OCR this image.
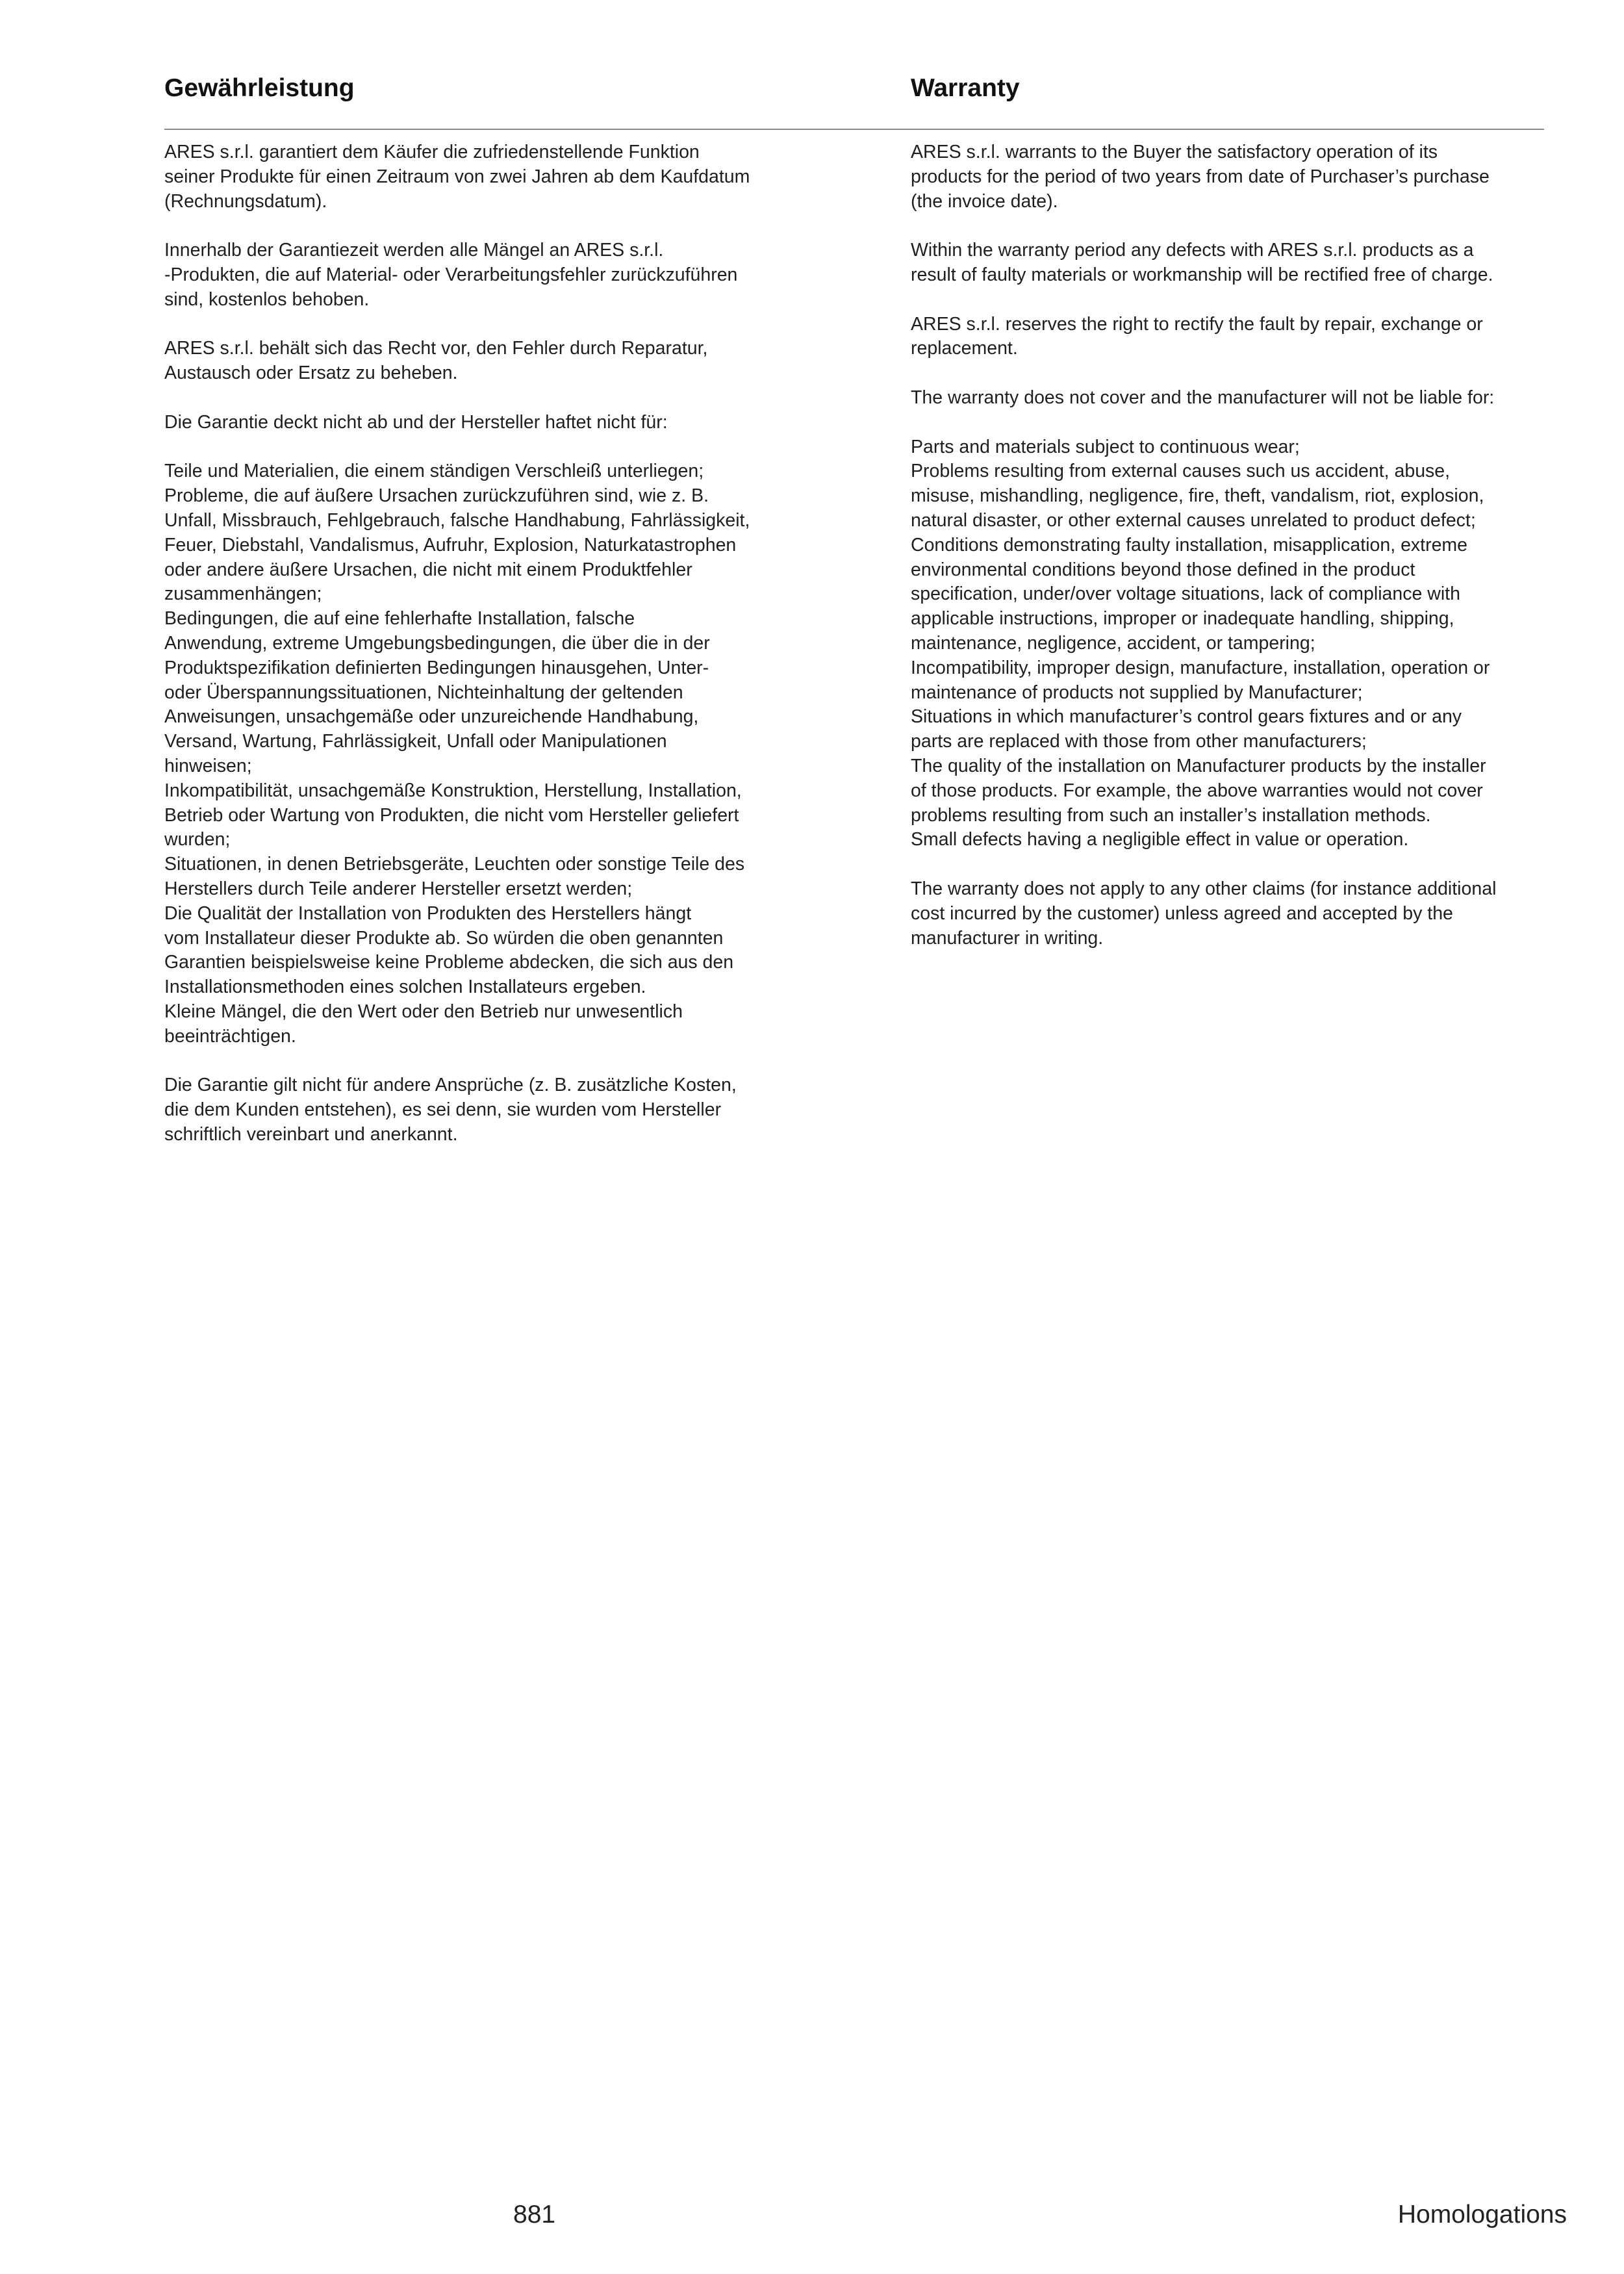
Gewährleistung	Warranty

ARES s.r.l. garantiert dem Käufer die zufriedenstellende Funktion
seiner Produkte für einen Zeitraum von zwei Jahren ab dem Kaufdatum
(Rechnungsdatum).

Innerhalb der Garantiezeit werden alle Mängel an ARES s.r.l.
-Produkten, die auf Material- oder Verarbeitungsfehler zurückzuführen
sind, kostenlos behoben.

ARES s.r.l. behält sich das Recht vor, den Fehler durch Reparatur,
Austausch oder Ersatz zu beheben.

Die Garantie deckt nicht ab und der Hersteller haftet nicht für:

Teile und Materialien, die einem ständigen Verschleiß unterliegen;
Probleme, die auf äußere Ursachen zurückzuführen sind, wie z. B.
Unfall, Missbrauch, Fehlgebrauch, falsche Handhabung, Fahrlässigkeit,
Feuer, Diebstahl, Vandalismus, Aufruhr, Explosion, Naturkatastrophen
oder andere äußere Ursachen, die nicht mit einem Produktfehler
zusammenhängen;
Bedingungen, die auf eine fehlerhafte Installation, falsche
Anwendung, extreme Umgebungsbedingungen, die über die in der
Produktspezifikation definierten Bedingungen hinausgehen, Unter-
oder Überspannungssituationen, Nichteinhaltung der geltenden
Anweisungen, unsachgemäße oder unzureichende Handhabung,
Versand, Wartung, Fahrlässigkeit, Unfall oder Manipulationen
hinweisen;
Inkompatibilität, unsachgemäße Konstruktion, Herstellung, Installation,
Betrieb oder Wartung von Produkten, die nicht vom Hersteller geliefert
wurden;
Situationen, in denen Betriebsgeräte, Leuchten oder sonstige Teile des
Herstellers durch Teile anderer Hersteller ersetzt werden;
Die Qualität der Installation von Produkten des Herstellers hängt
vom Installateur dieser Produkte ab. So würden die oben genannten
Garantien beispielsweise keine Probleme abdecken, die sich aus den
Installationsmethoden eines solchen Installateurs ergeben.
Kleine Mängel, die den Wert oder den Betrieb nur unwesentlich
beeinträchtigen.

Die Garantie gilt nicht für andere Ansprüche (z. B. zusätzliche Kosten,
die dem Kunden entstehen), es sei denn, sie wurden vom Hersteller
schriftlich vereinbart und anerkannt.

ARES s.r.l. warrants to the Buyer the satisfactory operation of its
products for the period of two years from date of Purchaser’s purchase
(the invoice date).

Within the warranty period any defects with ARES s.r.l. products as a
result of faulty materials or workmanship will be rectified free of charge.

ARES s.r.l. reserves the right to rectify the fault by repair, exchange or
replacement.

The warranty does not cover and the manufacturer will not be liable for:

Parts and materials subject to continuous wear;
Problems resulting from external causes such us accident, abuse,
misuse, mishandling, negligence, fire, theft, vandalism, riot, explosion,
natural disaster, or other external causes unrelated to product defect;
Conditions demonstrating faulty installation, misapplication, extreme
environmental conditions beyond those defined in the product
specification, under/over voltage situations, lack of compliance with
applicable instructions, improper or inadequate handling, shipping,
maintenance, negligence, accident, or tampering;
Incompatibility, improper design, manufacture, installation, operation or
maintenance of products not supplied by Manufacturer;
Situations in which manufacturer’s control gears fixtures and or any
parts are replaced with those from other manufacturers;
The quality of the installation on Manufacturer products by the installer
of those products. For example, the above warranties would not cover
problems resulting from such an installer’s installation methods.
Small defects having a negligible effect in value or operation.

The warranty does not apply to any other claims (for instance additional
cost incurred by the customer) unless agreed and accepted by the
manufacturer in writing.

881	Homologations
